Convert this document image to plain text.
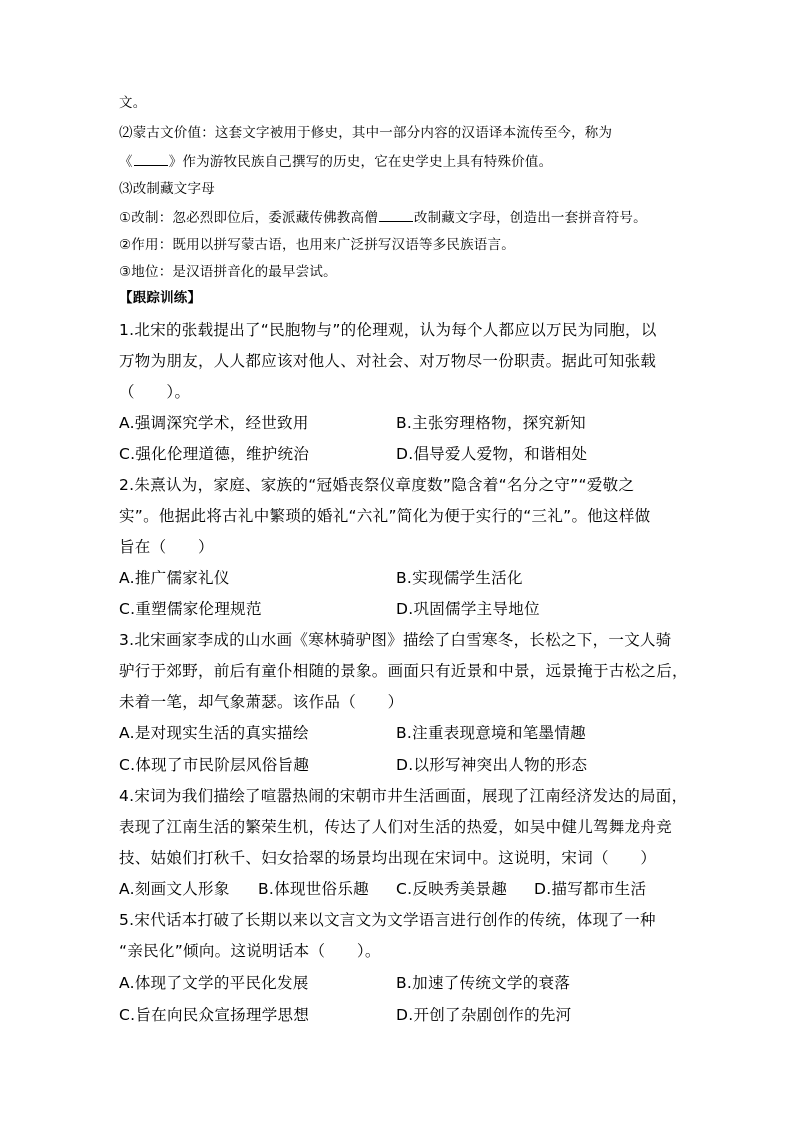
文。
⑵蒙古文价值：这套文字被用于修史，其中一部分内容的汉语译本流传至今，称为
《	》作为游牧民族自己撰写的历史，它在史学史上具有特殊价值。
⑶改制藏文字母
①改制：忽必烈即位后，委派藏传佛教高僧	改制藏文字母，创造出一套拼音符号。
②作用：既用以拼写蒙古语，也用来广泛拼写汉语等多民族语言。
③地位：是汉语拼音化的最早尝试。
【跟踪训练】
1.北宋的张载提出了“民胞物与”的伦理观，认为每个人都应以万民为同胞，以
万物为朋友，人人都应该对他人、对社会、对万物尽一份职责。据此可知张载
（　　）。
A.强调深究学术，经世致用	B.主张穷理格物，探究新知
C.强化伦理道德，维护统治	D.倡导爱人爱物，和谐相处
2.朱熹认为，家庭、家族的“冠婚丧祭仪章度数”隐含着“名分之守”“爱敬之
实”。他据此将古礼中繁琐的婚礼“六礼”简化为便于实行的“三礼”。他这样做
旨在（　　）
A.推广儒家礼仪	B.实现儒学生活化
C.重塑儒家伦理规范	D.巩固儒学主导地位
3.北宋画家李成的山水画《寒林骑驴图》描绘了白雪寒冬，长松之下，一文人骑
驴行于郊野，前后有童仆相随的景象。画面只有近景和中景，远景掩于古松之后，
未着一笔，却气象萧瑟。该作品（　　）
A.是对现实生活的真实描绘	B.注重表现意境和笔墨情趣
C.体现了市民阶层风俗旨趣	D.以形写神突出人物的形态
4.宋词为我们描绘了喧嚣热闹的宋朝市井生活画面，展现了江南经济发达的局面，
表现了江南生活的繁荣生机，传达了人们对生活的热爱，如吴中健儿驾舞龙舟竞
技、姑娘们打秋千、妇女拾翠的场景均出现在宋词中。这说明，宋词（　　）
A.刻画文人形象 B.体现世俗乐趣 C.反映秀美景趣 D.描写都市生活
5.宋代话本打破了长期以来以文言文为文学语言进行创作的传统，体现了一种
“亲民化”倾向。这说明话本（　　）。
A.体现了文学的平民化发展	B.加速了传统文学的衰落
C.旨在向民众宣扬理学思想	D.开创了杂剧创作的先河
